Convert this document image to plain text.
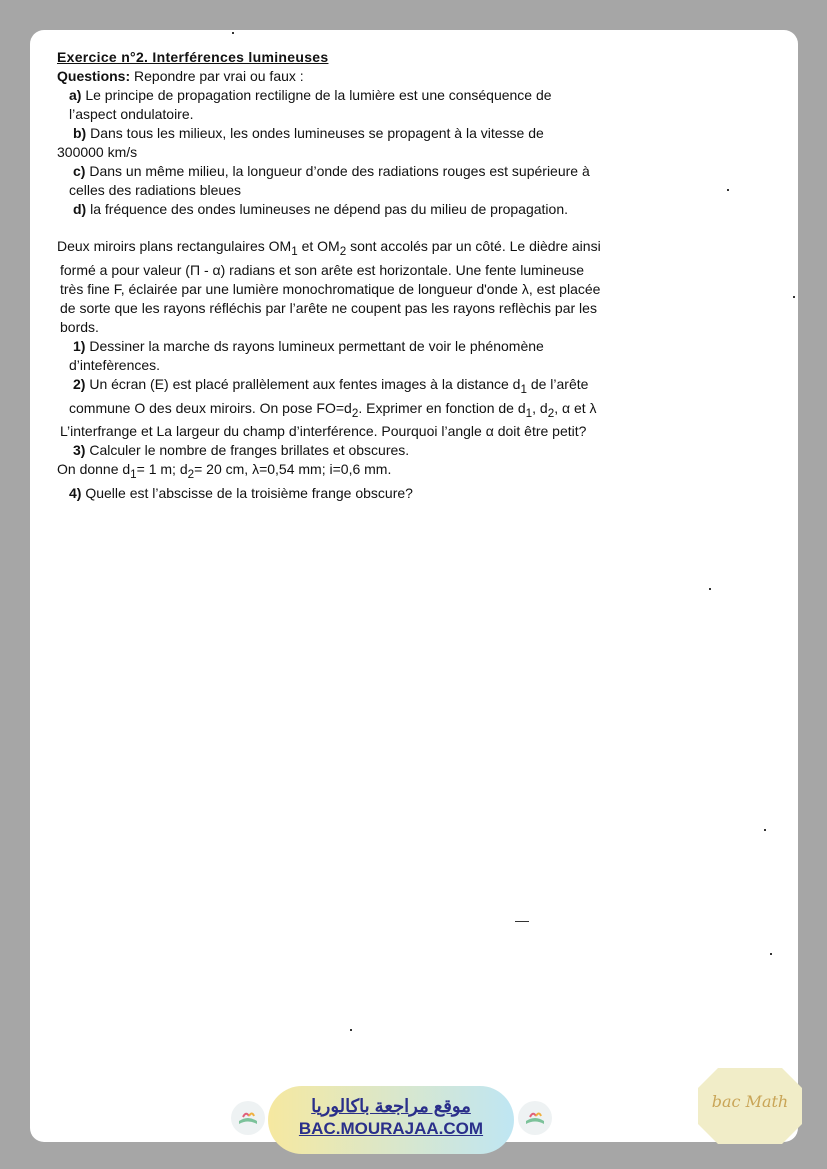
Exercice n°2. Interférences lumineuses

Questions: Repondre par vrai ou faux :

a) Le principe de propagation rectiligne de la lumière est une conséquence de

l’aspect ondulatoire.

b) Dans tous les milieux, les ondes lumineuses se propagent à la vitesse de

300000 km/s

c) Dans un même milieu, la longueur d’onde des radiations rouges est supérieure à

celles des radiations bleues

d) la fréquence des ondes lumineuses ne dépend pas du milieu de propagation.

Deux miroirs plans rectangulaires $OM_1$ et $OM_2$ sont accolés par un côté. Le dièdre ainsi

formé a pour valeur (Π - α) radians et son arête est horizontale. Une fente lumineuse

très fine F, éclairée par une lumière monochromatique de longueur d'onde λ, est placée

de sorte que les rayons réfléchis par l’arête ne coupent pas les rayons reflèchis par les

bords.

1) Dessiner la marche ds rayons lumineux permettant de voir le phénomène

d’intefèrences.

2) Un écran (E) est placé prallèlement aux fentes images à la distance $d_1$ de l’arête

commune O des deux miroirs. On pose $FO=d_2$. Exprimer en fonction de $d_1$, $d_2$, α et λ

L’interfrange et La largeur du champ d’interférence. Pourquoi l’angle α doit être petit?

3) Calculer le nombre de franges brillates et obscures.

On donne $d_1= 1$ m; $d_2= 20$ cm, λ=0,54 mm; i=0,6 mm.

4) Quelle est l’abscisse de la troisième frange obscure?

موقع مراجعة باكالوريا
BAC.MOURAJAA.COM
bac Math
